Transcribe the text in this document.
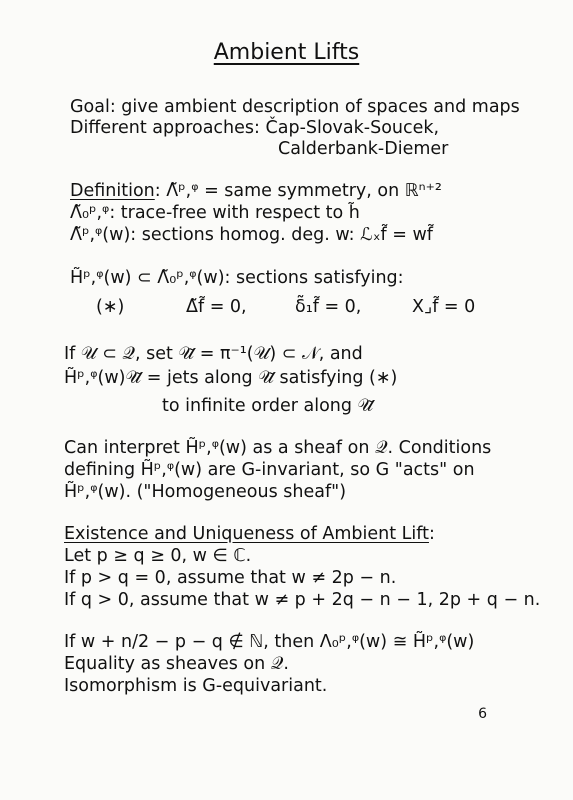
Ambient Lifts
Goal: give ambient description of spaces and maps
Different approaches: Čap-Slovak-Soucek,
Calderbank-Diemer
Definition: Λ̃ᵖ,ᵠ = same symmetry, on ℝⁿ⁺²
Λ̃₀ᵖ,ᵠ: trace-free with respect to h̃
Λ̃ᵖ,ᵠ(w): sections homog. deg. w: ℒₓf̃ = wf̃
H̃ᵖ,ᵠ(w) ⊂ Λ̃₀ᵖ,ᵠ(w): sections satisfying:
(∗)	Δ̃f̃ = 0,	δ̃₁f̃ = 0,	X⌟f̃ = 0
If 𝒰 ⊂ 𝒬, set 𝒰̃ = π⁻¹(𝒰) ⊂ 𝒩, and
H̃ᵖ,ᵠ(w)𝒰̃ = jets along 𝒰̃ satisfying (∗)
to infinite order along 𝒰̃
Can interpret H̃ᵖ,ᵠ(w) as a sheaf on 𝒬. Conditions
defining H̃ᵖ,ᵠ(w) are G-invariant, so G "acts" on
H̃ᵖ,ᵠ(w). ("Homogeneous sheaf")
Existence and Uniqueness of Ambient Lift:
Let p ≥ q ≥ 0, w ∈ ℂ.
If p > q = 0, assume that w ≠ 2p − n.
If q > 0, assume that w ≠ p + 2q − n − 1, 2p + q − n.
If w + n/2 − p − q ∉ ℕ, then Λ₀ᵖ,ᵠ(w) ≅ H̃ᵖ,ᵠ(w)
Equality as sheaves on 𝒬.
Isomorphism is G-equivariant.
6
